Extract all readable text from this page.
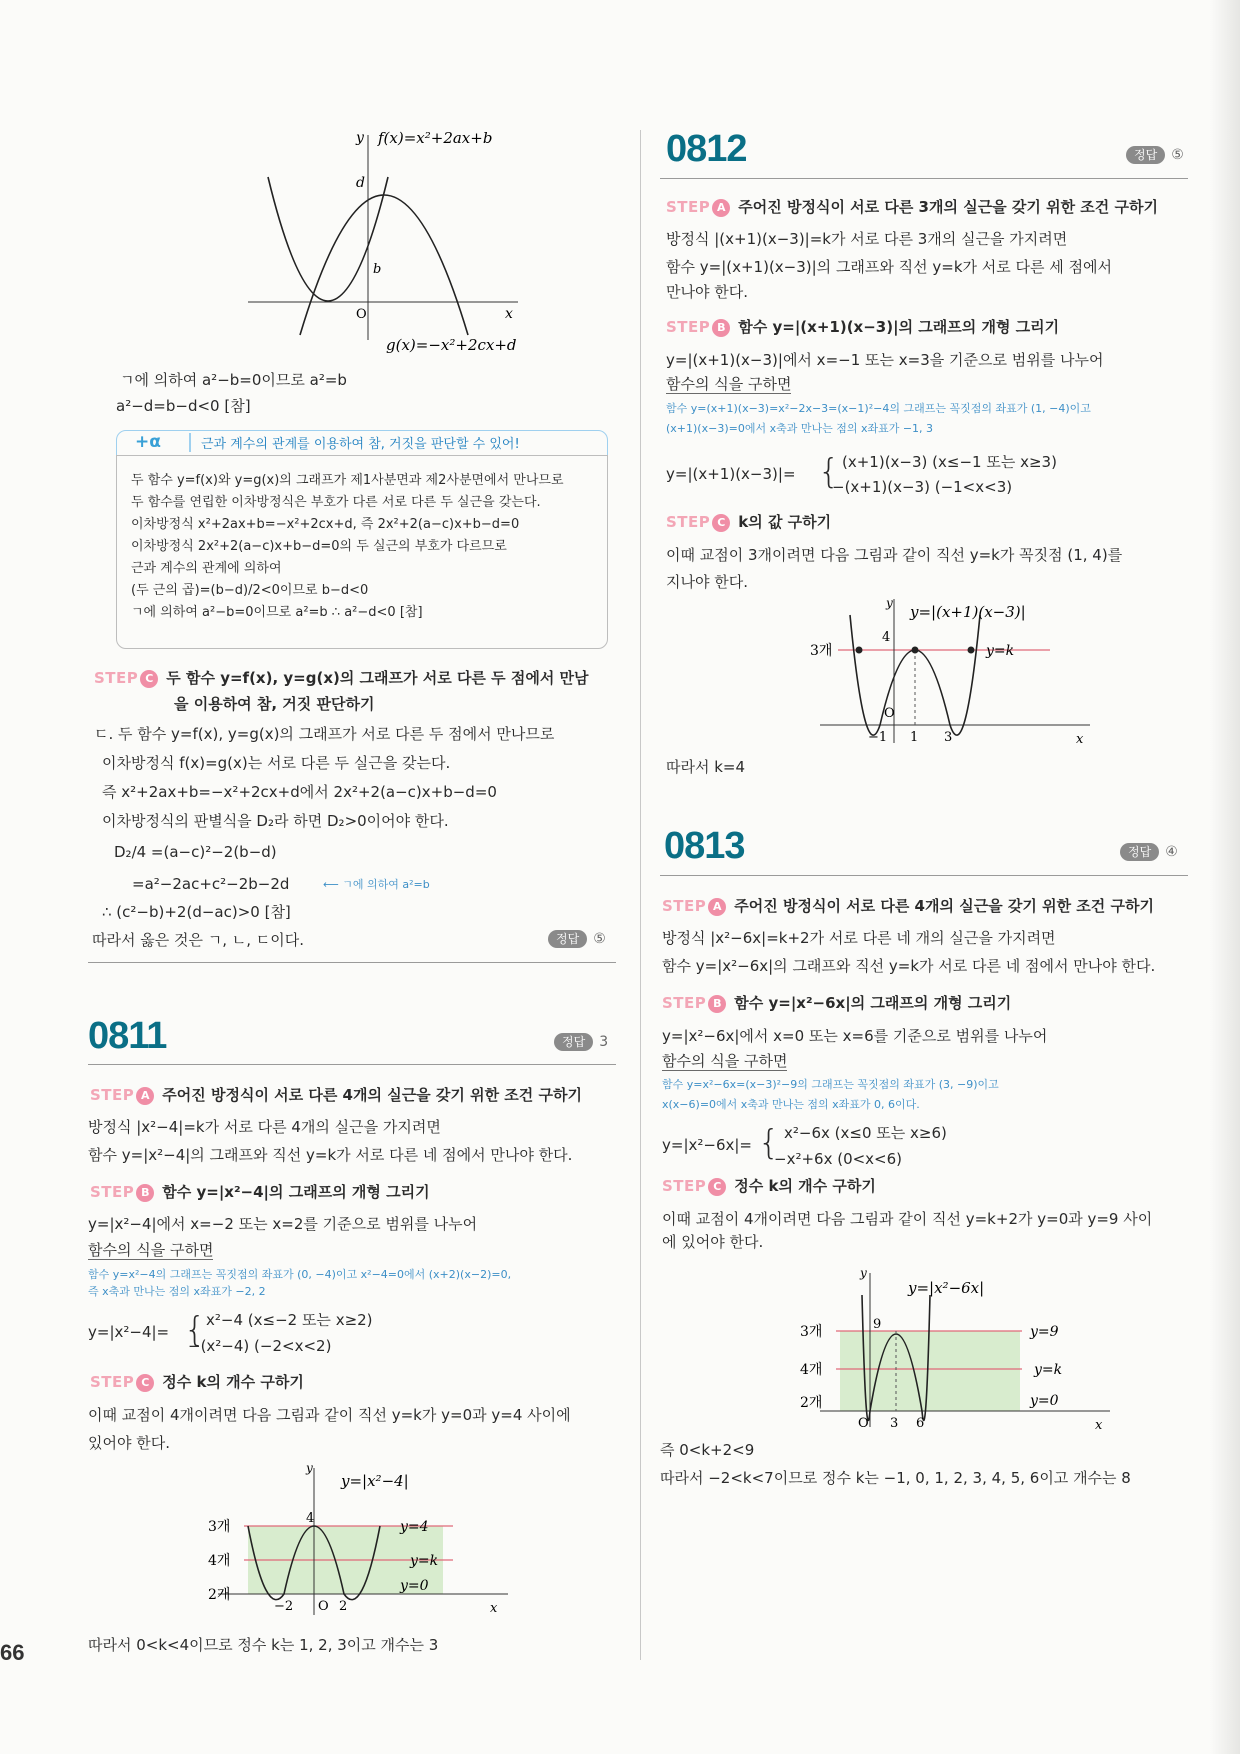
66
y f(x)=x²+2ax+b
d
b
O	x
g(x)=−x²+2cx+d
ㄱ에 의하여 a²−b=0이므로 a²=b
a²−d=b−d<0 [참]
+α	근과 계수의 관계를 이용하여 참, 거짓을 판단할 수 있어!
두 함수 y=f(x)와 y=g(x)의 그래프가 제1사분면과 제2사분면에서 만나므로
두 함수를 연립한 이차방정식은 부호가 다른 서로 다른 두 실근을 갖는다.
이차방정식 x²+2ax+b=−x²+2cx+d, 즉 2x²+2(a−c)x+b−d=0
이차방정식 2x²+2(a−c)x+b−d=0의 두 실근의 부호가 다르므로
근과 계수의 관계에 의하여
(두 근의 곱)=(b−d)/2<0이므로 b−d<0
ㄱ에 의하여 a²−b=0이므로 a²=b ∴ a²−d<0 [참]
STEP C 두 함수 y=f(x), y=g(x)의 그래프가 서로 다른 두 점에서 만남
을 이용하여 참, 거짓 판단하기
ㄷ. 두 함수 y=f(x), y=g(x)의 그래프가 서로 다른 두 점에서 만나므로
이차방정식 f(x)=g(x)는 서로 다른 두 실근을 갖는다.
즉 x²+2ax+b=−x²+2cx+d에서 2x²+2(a−c)x+b−d=0
이차방정식의 판별식을 D₂라 하면 D₂>0이어야 한다.
D₂/4 =(a−c)²−2(b−d)
=a²−2ac+c²−2b−2d	⟵ ㄱ에 의하여 a²=b
∴ (c²−b)+2(d−ac)>0 [참]
따라서 옳은 것은 ㄱ, ㄴ, ㄷ이다.	정답 ⑤
0811	정답 3
STEP A 주어진 방정식이 서로 다른 4개의 실근을 갖기 위한 조건 구하기
방정식 |x²−4|=k가 서로 다른 4개의 실근을 가지려면
함수 y=|x²−4|의 그래프와 직선 y=k가 서로 다른 네 점에서 만나야 한다.
STEP B 함수 y=|x²−4|의 그래프의 개형 그리기
y=|x²−4|에서 x=−2 또는 x=2를 기준으로 범위를 나누어
함수의 식을 구하면
함수 y=x²−4의 그래프는 꼭짓점의 좌표가 (0, −4)이고 x²−4=0에서 (x+2)(x−2)=0,
즉 x축과 만나는 점의 x좌표가 −2, 2
y=|x²−4|= { x²−4 (x≤−2 또는 x≥2)
−(x²−4) (−2<x<2)
STEP C 정수 k의 개수 구하기
이때 교점이 4개이려면 다음 그림과 같이 직선 y=k가 y=0과 y=4 사이에
있어야 한다.
y
y=|x²−4|
4
3개
4개
2개
y=4
y=k
y=0
−2 O 2	x
따라서 0<k<4이므로 정수 k는 1, 2, 3이고 개수는 3
0812	정답 ⑤
STEP A 주어진 방정식이 서로 다른 3개의 실근을 갖기 위한 조건 구하기
방정식 |(x+1)(x−3)|=k가 서로 다른 3개의 실근을 가지려면
함수 y=|(x+1)(x−3)|의 그래프와 직선 y=k가 서로 다른 세 점에서
만나야 한다.
STEP B 함수 y=|(x+1)(x−3)|의 그래프의 개형 그리기
y=|(x+1)(x−3)|에서 x=−1 또는 x=3을 기준으로 범위를 나누어
함수의 식을 구하면
함수 y=(x+1)(x−3)=x²−2x−3=(x−1)²−4의 그래프는 꼭짓점의 좌표가 (1, −4)이고
(x+1)(x−3)=0에서 x축과 만나는 점의 x좌표가 −1, 3
y=|(x+1)(x−3)|= { (x+1)(x−3) (x≤−1 또는 x≥3)
−(x+1)(x−3) (−1<x<3)
STEP C k의 값 구하기
이때 교점이 3개이려면 다음 그림과 같이 직선 y=k가 꼭짓점 (1, 4)를
지나야 한다.
y y=|(x+1)(x−3)|
4
3개	y=k
O
−1 1 3	x
따라서 k=4
0813	정답 ④
STEP A 주어진 방정식이 서로 다른 4개의 실근을 갖기 위한 조건 구하기
방정식 |x²−6x|=k+2가 서로 다른 네 개의 실근을 가지려면
함수 y=|x²−6x|의 그래프와 직선 y=k가 서로 다른 네 점에서 만나야 한다.
STEP B 함수 y=|x²−6x|의 그래프의 개형 그리기
y=|x²−6x|에서 x=0 또는 x=6를 기준으로 범위를 나누어
함수의 식을 구하면
함수 y=x²−6x=(x−3)²−9의 그래프는 꼭짓점의 좌표가 (3, −9)이고
x(x−6)=0에서 x축과 만나는 점의 x좌표가 0, 6이다.
y=|x²−6x|= { x²−6x (x≤0 또는 x≥6)
−x²+6x (0<x<6)
STEP C 정수 k의 개수 구하기
이때 교점이 4개이려면 다음 그림과 같이 직선 y=k+2가 y=0과 y=9 사이
에 있어야 한다.
y
y=|x²−6x|
9
3개
4개
2개
y=9
y=k
y=0
O 3 6	x
즉 0<k+2<9
따라서 −2<k<7이므로 정수 k는 −1, 0, 1, 2, 3, 4, 5, 6이고 개수는 8
